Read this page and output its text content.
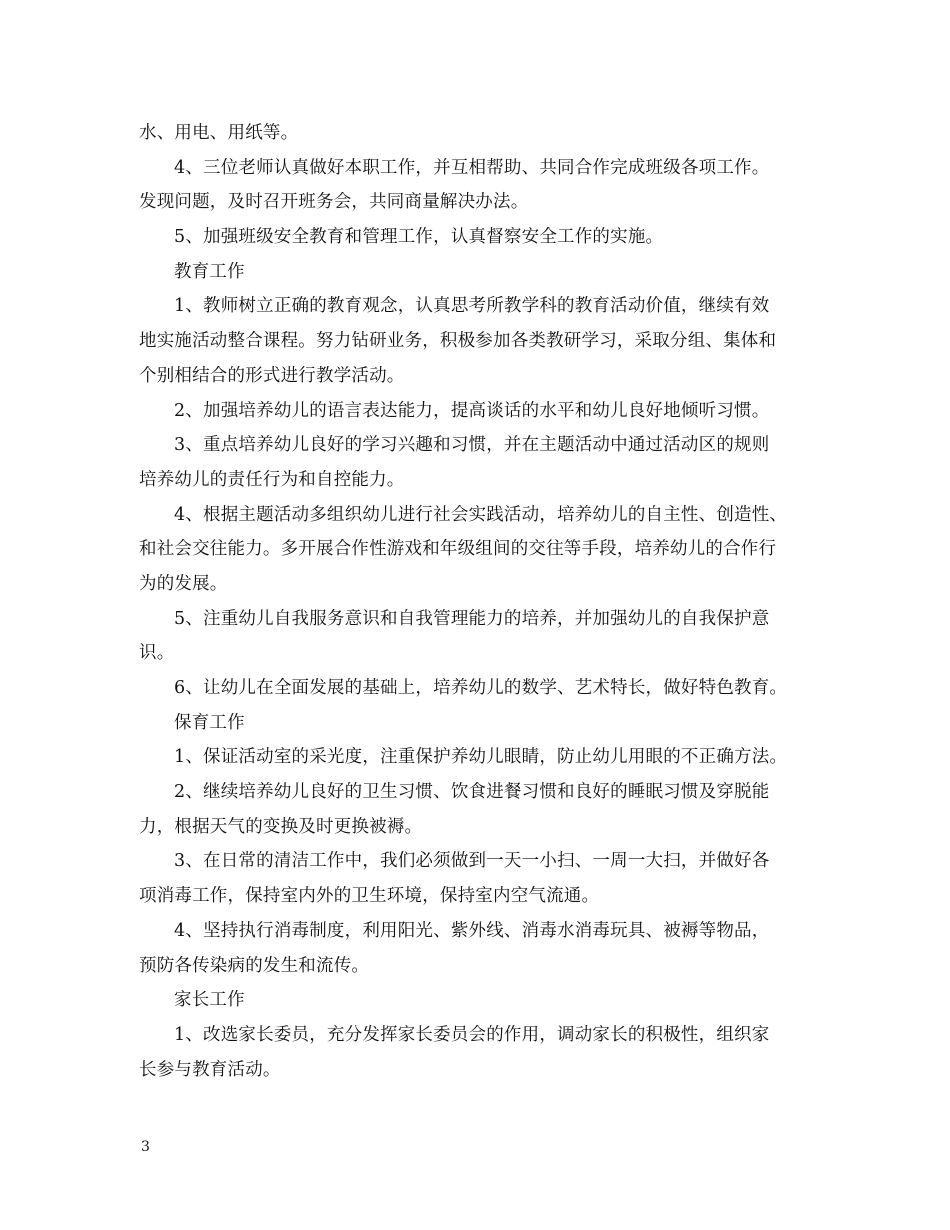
水、用电、用纸等。
4、三位老师认真做好本职工作，并互相帮助、共同合作完成班级各项工作。
发现问题，及时召开班务会，共同商量解决办法。
5、加强班级安全教育和管理工作，认真督察安全工作的实施。
教育工作
1、教师树立正确的教育观念，认真思考所教学科的教育活动价值，继续有效
地实施活动整合课程。努力钻研业务，积极参加各类教研学习，采取分组、集体和
个别相结合的形式进行教学活动。
2、加强培养幼儿的语言表达能力，提高谈话的水平和幼儿良好地倾听习惯。
3、重点培养幼儿良好的学习兴趣和习惯，并在主题活动中通过活动区的规则
培养幼儿的责任行为和自控能力。
4、根据主题活动多组织幼儿进行社会实践活动，培养幼儿的自主性、创造性、
和社会交往能力。多开展合作性游戏和年级组间的交往等手段，培养幼儿的合作行
为的发展。
5、注重幼儿自我服务意识和自我管理能力的培养，并加强幼儿的自我保护意
识。
6、让幼儿在全面发展的基础上，培养幼儿的数学、艺术特长，做好特色教育。
保育工作
1、保证活动室的采光度，注重保护养幼儿眼睛，防止幼儿用眼的不正确方法。
2、继续培养幼儿良好的卫生习惯、饮食进餐习惯和良好的睡眠习惯及穿脱能
力，根据天气的变换及时更换被褥。
3、在日常的清洁工作中，我们必须做到一天一小扫、一周一大扫，并做好各
项消毒工作，保持室内外的卫生环境，保持室内空气流通。
4、坚持执行消毒制度，利用阳光、紫外线、消毒水消毒玩具、被褥等物品，
预防各传染病的发生和流传。
家长工作
1、改选家长委员，充分发挥家长委员会的作用，调动家长的积极性，组织家
长参与教育活动。
3
